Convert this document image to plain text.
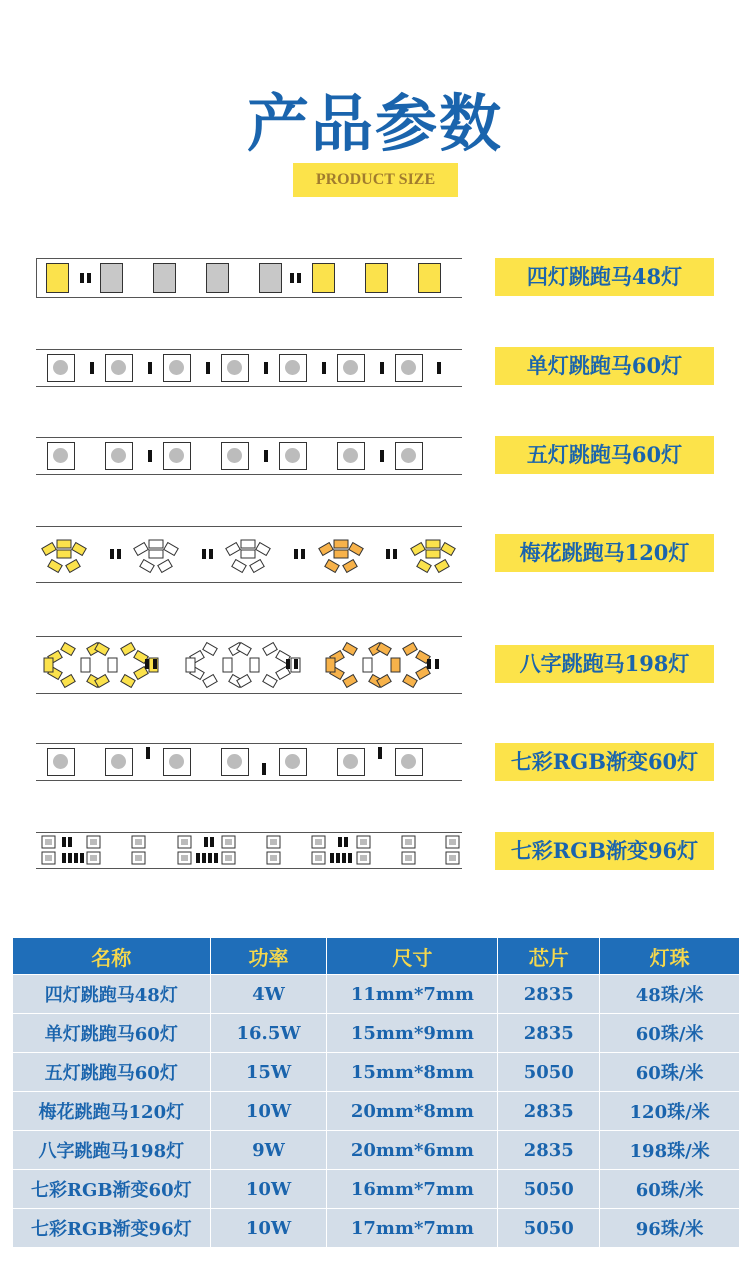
产品参数
PRODUCT SIZE
四灯跳跑马48灯
单灯跳跑马60灯
五灯跳跑马60灯
梅花跳跑马120灯
八字跳跑马198灯
七彩RGB渐变60灯
七彩RGB渐变96灯
名称	功率	尺寸	芯片	灯珠
四灯跳跑马48灯	4W	11mm*7mm	2835	48珠/米
单灯跳跑马60灯	16.5W	15mm*9mm	2835	60珠/米
五灯跳跑马60灯	15W	15mm*8mm	5050	60珠/米
梅花跳跑马120灯	10W	20mm*8mm	2835	120珠/米
八字跳跑马198灯	9W	20mm*6mm	2835	198珠/米
七彩RGB渐变60灯	10W	16mm*7mm	5050	60珠/米
七彩RGB渐变96灯	10W	17mm*7mm	5050	96珠/米
